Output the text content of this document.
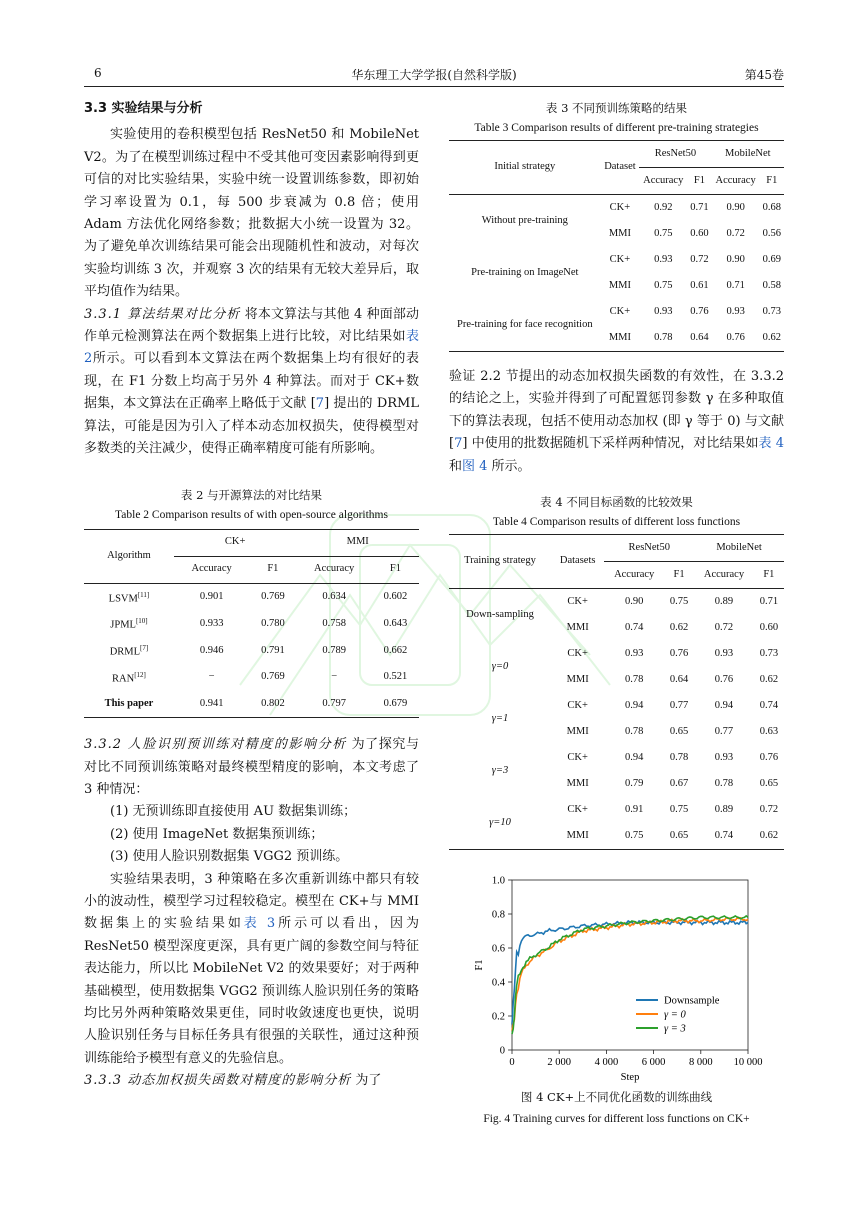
6	华东理工大学学报(自然科学版)	第45卷
3.3 实验结果与分析

实验使用的卷积模型包括 ResNet50 和 MobileNet V2。为了在模型训练过程中不受其他可变因素影响得到更可信的对比实验结果，实验中统一设置训练参数，即初始学习率设置为 0.1，每 500 步衰减为 0.8 倍；使用 Adam 方法优化网络参数；批数据大小统一设置为 32。为了避免单次训练结果可能会出现随机性和波动，对每次实验均训练 3 次，并观察 3 次的结果有无较大差异后，取平均值作为结果。

3.3.1 算法结果对比分析 将本文算法与其他 4 种面部动作单元检测算法在两个数据集上进行比较，对比结果如表 2所示。可以看到本文算法在两个数据集上均有很好的表现，在 F1 分数上均高于另外 4 种算法。而对于 CK+数据集，本文算法在正确率上略低于文献 [7] 提出的 DRML 算法，可能是因为引入了样本动态加权损失，使得模型对多数类的关注减少，使得正确率精度可能有所影响。

表 2 与开源算法的对比结果
Table 2 Comparison results of with open-source algorithms
Algorithm	CK+		MMI	
	Accuracy	F1	Accuracy	F1
LSVM[11]	0.901	0.769	0.634	0.602
JPML[10]	0.933	0.780	0.758	0.643
DRML[7]	0.946	0.791	0.789	0.662
RAN[12]	−	0.769	−	0.521
This paper	0.941	0.802	0.797	0.679

3.3.2 人脸识别预训练对精度的影响分析 为了探究与对比不同预训练策略对最终模型精度的影响，本文考虑了 3 种情况：

(1) 无预训练即直接使用 AU 数据集训练；

(2) 使用 ImageNet 数据集预训练；

(3) 使用人脸识别数据集 VGG2 预训练。

实验结果表明，3 种策略在多次重新训练中都只有较小的波动性，模型学习过程较稳定。模型在 CK+与 MMI 数据集上的实验结果如表 3所示可以看出，因为 ResNet50 模型深度更深，具有更广阔的参数空间与特征表达能力，所以比 MobileNet V2 的效果要好；对于两种基础模型，使用数据集 VGG2 预训练人脸识别任务的策略均比另外两种策略效果更佳，同时收敛速度也更快，说明人脸识别任务与目标任务具有很强的关联性，通过这种预训练能给予模型有意义的先验信息。

3.3.3 动态加权损失函数对精度的影响分析 为了

表 3 不同预训练策略的结果
Table 3 Comparison results of different pre-training strategies
Initial strategy	Dataset	ResNet50		MobileNet	
		Accuracy	F1	Accuracy	F1
Without pre-training	CK+	0.92	0.71	0.90	0.68
	MMI	0.75	0.60	0.72	0.56
Pre-training on ImageNet	CK+	0.93	0.72	0.90	0.69
	MMI	0.75	0.61	0.71	0.58
Pre-training for face recognition	CK+	0.93	0.76	0.93	0.73
	MMI	0.78	0.64	0.76	0.62

验证 2.2 节提出的动态加权损失函数的有效性，在 3.3.2 的结论之上，实验并得到了可配置惩罚参数 γ 在多种取值下的算法表现，包括不使用动态加权 (即 γ 等于 0) 与文献 [7] 中使用的批数据随机下采样两种情况，对比结果如表 4 和图 4 所示。

表 4 不同目标函数的比较效果
Table 4 Comparison results of different loss functions
Training strategy	Datasets	ResNet50		MobileNet	
		Accuracy	F1	Accuracy	F1
Down-sampling	CK+	0.90	0.75	0.89	0.71
	MMI	0.74	0.62	0.72	0.60
γ=0	CK+	0.93	0.76	0.93	0.73
	MMI	0.78	0.64	0.76	0.62
γ=1	CK+	0.94	0.77	0.94	0.74
	MMI	0.78	0.65	0.77	0.63
γ=3	CK+	0.94	0.78	0.93	0.76
	MMI	0.79	0.67	0.78	0.65
γ=10	CK+	0.91	0.75	0.89	0.72
	MMI	0.75	0.65	0.74	0.62
0	2 000 4 000 6 000 8 000 10 000
0
0.2
0.4
0.6
0.8
1.0
Step
F1
Downsample
γ = 0
γ = 3
图 4 CK+上不同优化函数的训练曲线
Fig. 4 Training curves for different loss functions on CK+
